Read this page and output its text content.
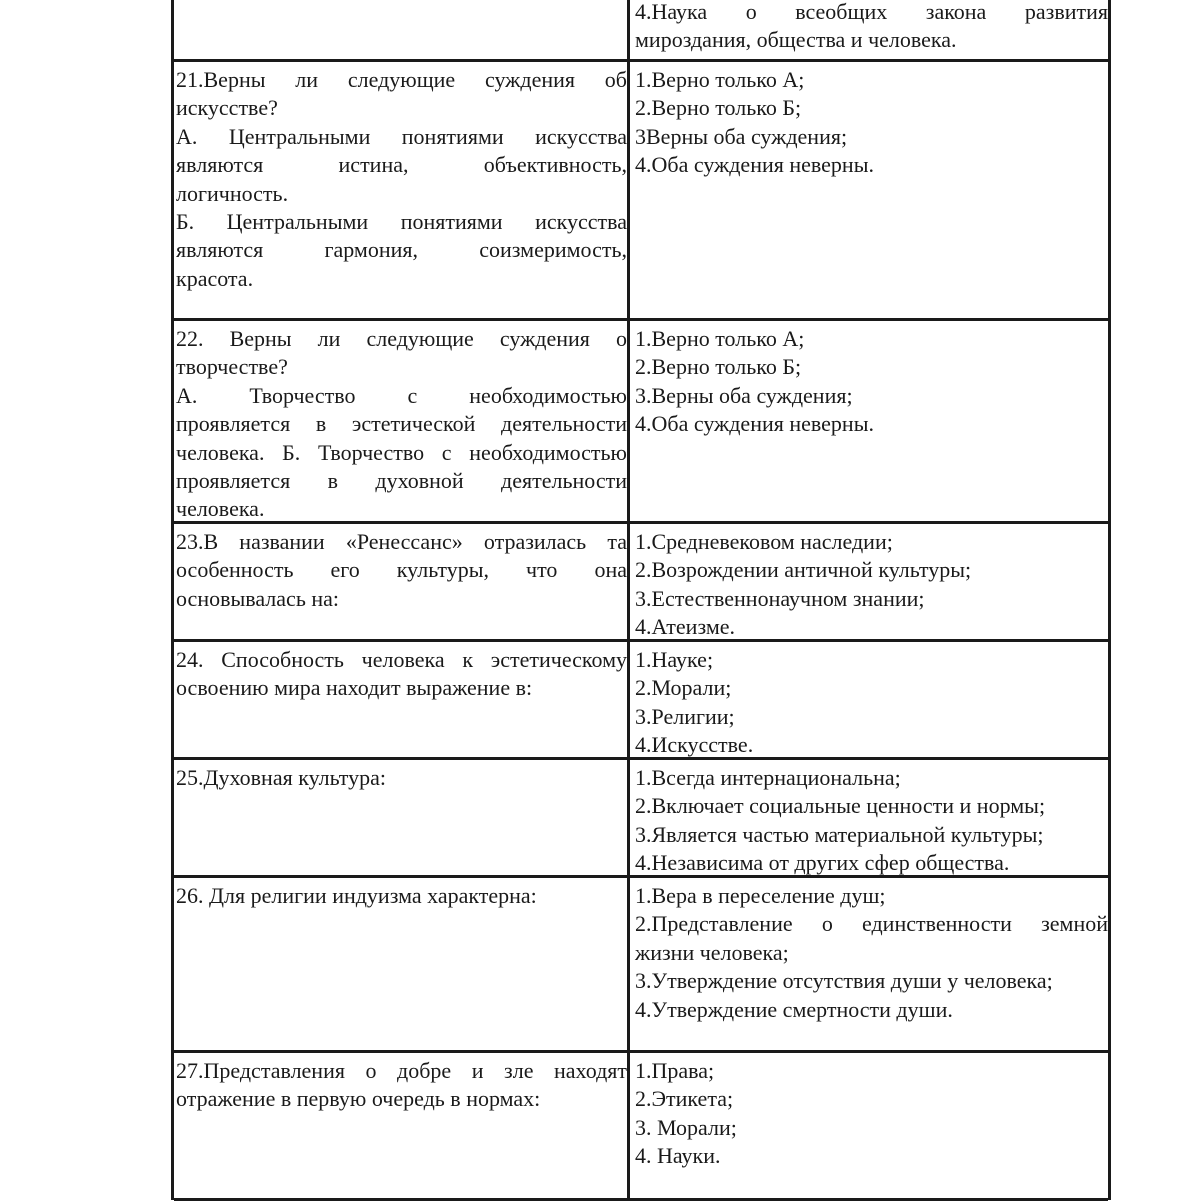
4.Наука о всеобщих закона развития
мироздания, общества и человека.
21.Верны ли следующие суждения об
искусстве?
А. Центральными понятиями искусства
являются истина, объективность,
логичность.
Б. Центральными понятиями искусства
являются гармония, соизмеримость,
красота.
1.Верно только А;
2.Верно только Б;
3Верны оба суждения;
4.Оба суждения неверны.
22. Верны ли следующие суждения о
творчестве?
А. Творчество с необходимостью
проявляется в эстетической деятельности
человека. Б. Творчество с необходимостью
проявляется в духовной деятельности
человека.
1.Верно только А;
2.Верно только Б;
3.Верны оба суждения;
4.Оба суждения неверны.
23.В названии «Ренессанс» отразилась та
особенность его культуры, что она
основывалась на:
1.Средневековом наследии;
2.Возрождении античной культуры;
3.Естественнонаучном знании;
4.Атеизме.
24. Способность человека к эстетическому
освоению мира находит выражение в:
1.Науке;
2.Морали;
3.Религии;
4.Искусстве.
25.Духовная культура:	1.Всегда интернациональна;
2.Включает социальные ценности и нормы;
3.Является частью материальной культуры;
4.Независима от других сфер общества.
26. Для религии индуизма характерна:	1.Вера в переселение душ;
2.Представление о единственности земной
жизни человека;
3.Утверждение отсутствия души у человека;
4.Утверждение смертности души.
27.Представления о добре и зле находят
отражение в первую очередь в нормах:
1.Права;
2.Этикета;
3. Морали;
4. Науки.
